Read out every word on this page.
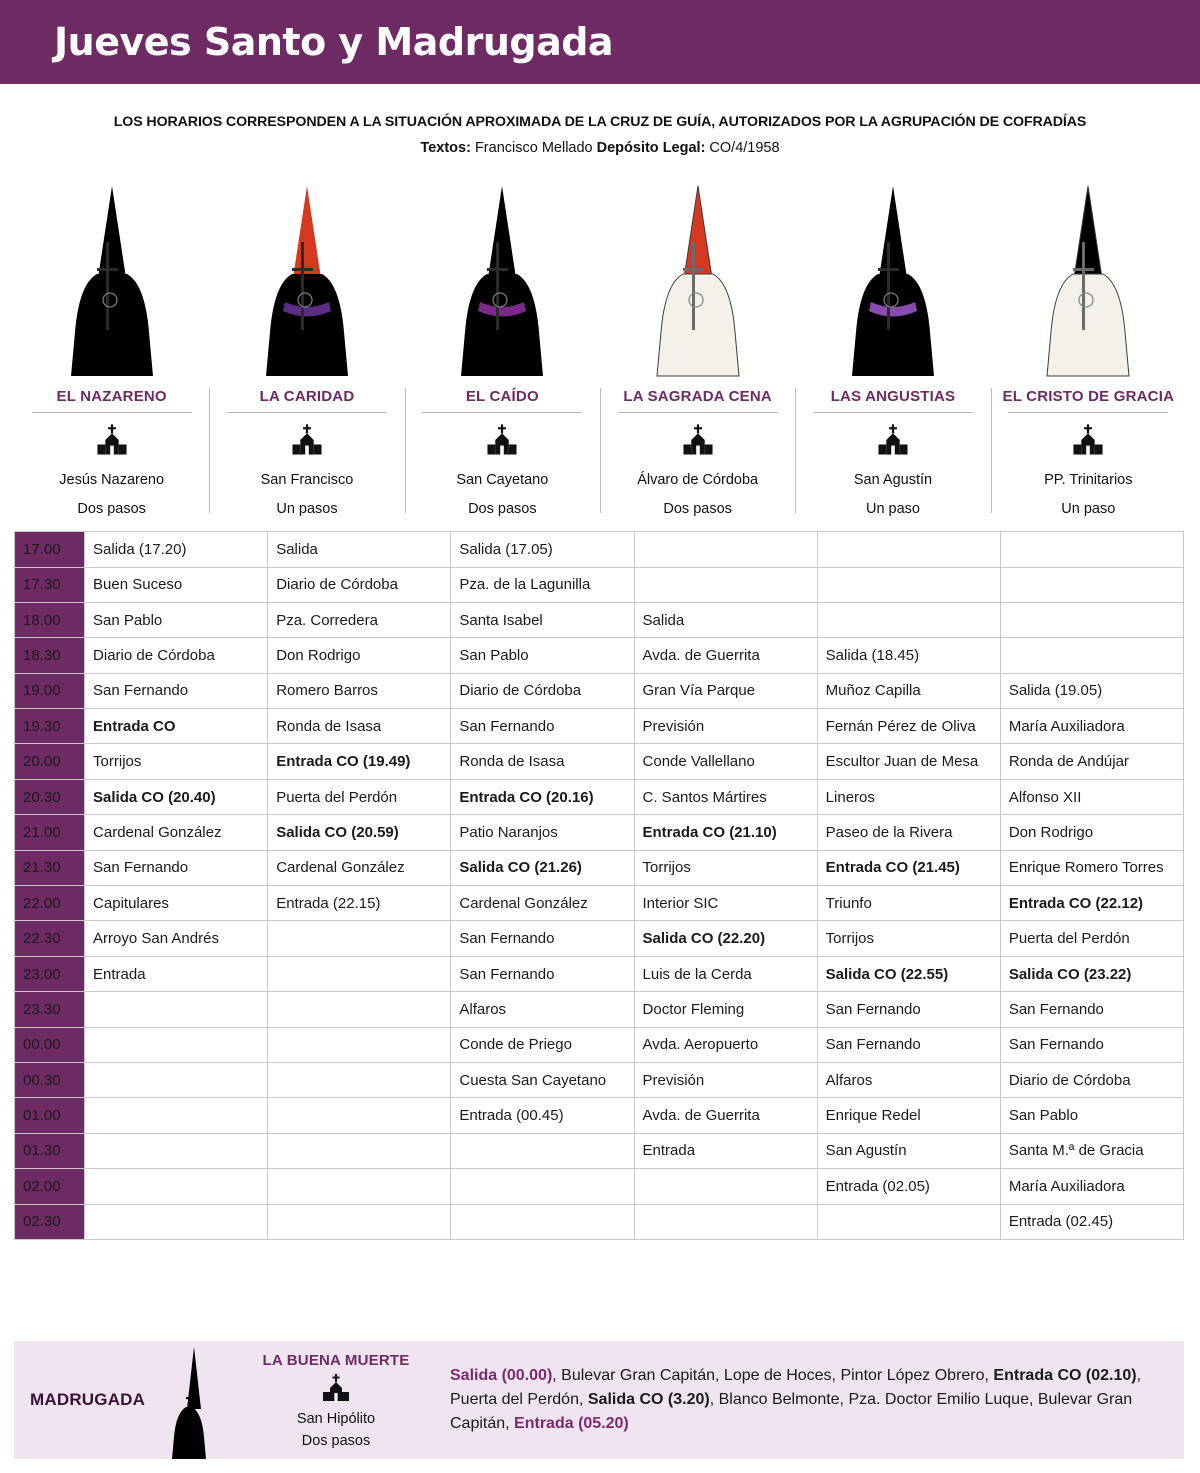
Jueves Santo y Madrugada
LOS HORARIOS CORRESPONDEN A LA SITUACIÓN APROXIMADA DE LA CRUZ DE GUÍA, AUTORIZADOS POR LA AGRUPACIÓN DE COFRADÍAS
Textos: Francisco Mellado Depósito Legal: CO/4/1958
EL NAZARENO
Jesús Nazareno
Dos pasos
LA CARIDAD
San Francisco
Un pasos
EL CAÍDO
San Cayetano
Dos pasos
LA SAGRADA CENA
Álvaro de Córdoba
Dos pasos
LAS ANGUSTIAS
San Agustín
Un paso
EL CRISTO DE GRACIA
PP. Trinitarios
Un paso
17.00	Salida (17.20)	Salida	Salida (17.05)			
17.30	Buen Suceso	Diario de Córdoba	Pza. de la Lagunilla			
18.00	San Pablo	Pza. Corredera	Santa Isabel	Salida		
18.30	Diario de Córdoba	Don Rodrigo	San Pablo	Avda. de Guerrita	Salida (18.45)	
19.00	San Fernando	Romero Barros	Diario de Córdoba	Gran Vía Parque	Muñoz Capilla	Salida (19.05)
19.30	Entrada CO	Ronda de Isasa	San Fernando	Previsión	Fernán Pérez de Oliva	María Auxiliadora
20.00	Torrijos	Entrada CO (19.49)	Ronda de Isasa	Conde Vallellano	Escultor Juan de Mesa	Ronda de Andújar
20.30	Salida CO (20.40)	Puerta del Perdón	Entrada CO (20.16)	C. Santos Mártires	Lineros	Alfonso XII
21.00	Cardenal González	Salida CO (20.59)	Patio Naranjos	Entrada CO (21.10)	Paseo de la Rivera	Don Rodrigo
21.30	San Fernando	Cardenal González	Salida CO (21.26)	Torrijos	Entrada CO (21.45)	Enrique Romero Torres
22.00	Capitulares	Entrada (22.15)	Cardenal González	Interior SIC	Triunfo	Entrada CO (22.12)
22.30	Arroyo San Andrés		San Fernando	Salida CO (22.20)	Torrijos	Puerta del Perdón
23.00	Entrada		San Fernando	Luis de la Cerda	Salida CO (22.55)	Salida CO (23.22)
23.30			Alfaros	Doctor Fleming	San Fernando	San Fernando
00.00			Conde de Priego	Avda. Aeropuerto	San Fernando	San Fernando
00.30			Cuesta San Cayetano	Previsión	Alfaros	Diario de Córdoba
01.00			Entrada (00.45)	Avda. de Guerrita	Enrique Redel	San Pablo
01.30				Entrada	San Agustín	Santa M.ª de Gracia
02.00					Entrada (02.05)	María Auxiliadora
02.30						Entrada (02.45)
MADRUGADA
LA BUENA MUERTE
San Hipólito
Dos pasos
Salida (00.00), Bulevar Gran Capitán, Lope de Hoces, Pintor López Obrero, Entrada CO (02.10), Puerta del Perdón, Salida CO (3.20), Blanco Belmonte, Pza. Doctor Emilio Luque, Bulevar Gran Capitán, Entrada (05.20)
